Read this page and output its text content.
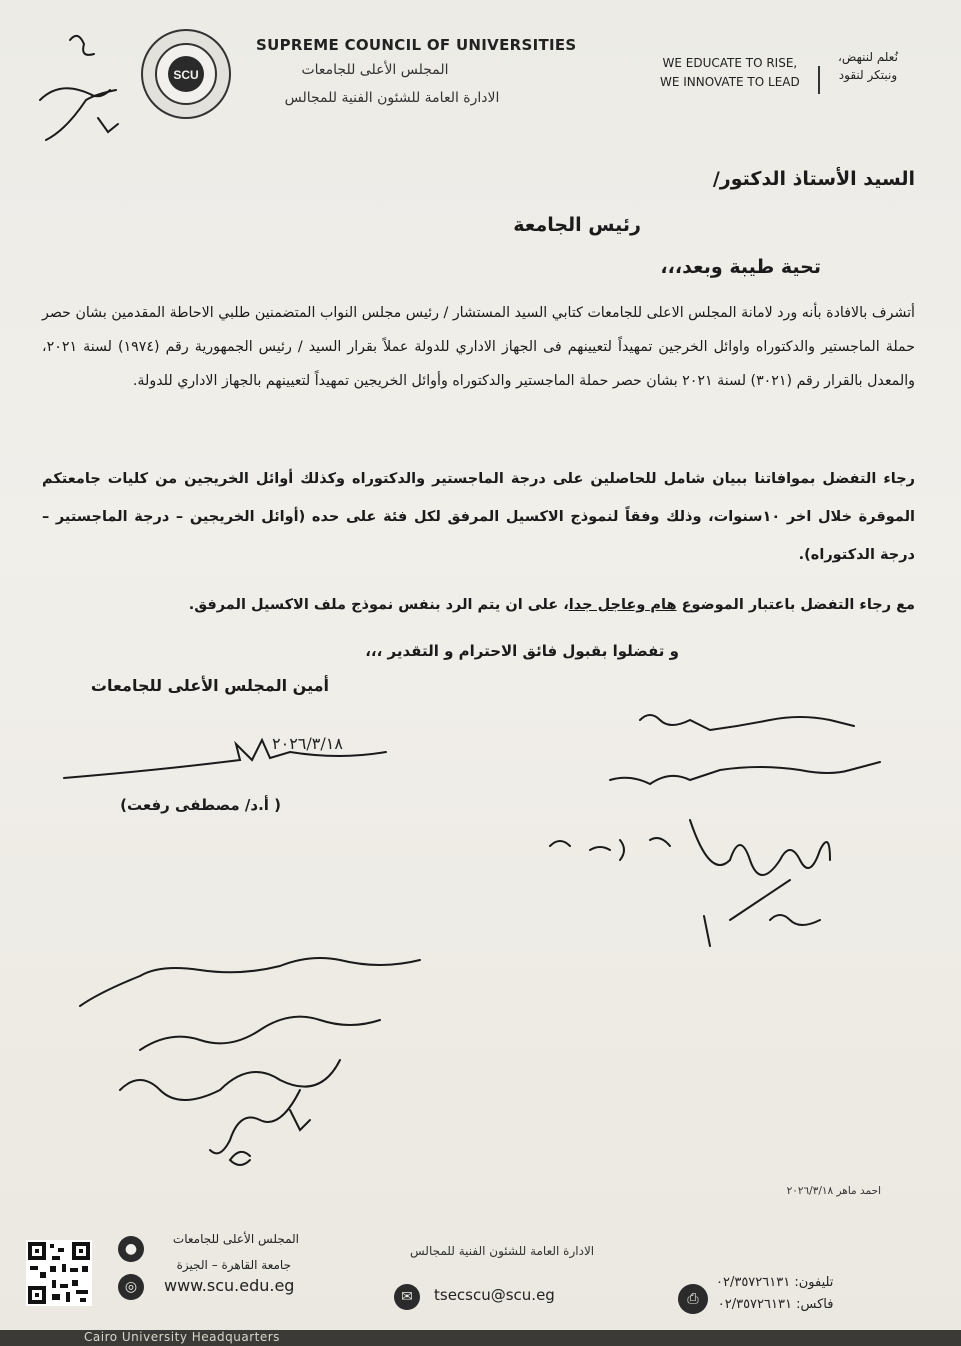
SCU
SUPREME COUNCIL OF UNIVERSITIES
المجلس الأعلى للجامعات
الادارة العامة للشئون الفنية للمجالس
WE EDUCATE TO RISE,
WE INNOVATE TO LEAD
نُعلم لننهض،
ونبتكر لنقود
السيد الأستاذ الدكتور/
رئيس الجامعة
تحية طيبة وبعد،،،
أتشرف بالافادة بأنه ورد لامانة المجلس الاعلى للجامعات كتابي السيد المستشار / رئيس مجلس النواب المتضمنين طلبي الاحاطة المقدمين بشان حصر حملة الماجستير والدكتوراه واوائل الخرجين تمهيداً لتعيينهم فى الجهاز الاداري للدولة عملاً بقرار السيد / رئيس الجمهورية رقم (١٩٧٤) لسنة ٢٠٢١، والمعدل بالقرار رقم (٣٠٢١) لسنة ٢٠٢١ بشان حصر حملة الماجستير والدكتوراه وأوائل الخريجين تمهيداً لتعيينهم بالجهاز الاداري للدولة.
رجاء التفضل بموافاتنا ببيان شامل للحاصلين على درجة الماجستير والدكتوراه وكذلك أوائل الخريجين من كليات جامعتكم الموقرة خلال اخر ١٠سنوات، وذلك وفقاً لنموذج الاكسيل المرفق لكل فئة على حده (أوائل الخريجين – درجة الماجستير – درجة الدكتوراه).
مع رجاء التفضل باعتبار الموضوع هام وعاجل جدا، على ان يتم الرد بنفس نموذج ملف الاكسيل المرفق.
و تفضلوا بقبول فائق الاحترام و التقدير ،،،
أمين المجلس الأعلى للجامعات
٢٠٢٦/٣/١٨
( أ.د/ مصطفى رفعت)
احمد ماهر ٢٠٢٦/٣/١٨
الادارة العامة للشئون الفنية للمجالس
●
المجلس الأعلى للجامعات
جامعة القاهرة – الجيزة
◎	www.scu.edu.eg
✉	tsecscu@scu.eg	⎙
تليفون: ٠٢/٣٥٧٢٦١٣١
فاكس: ٠٢/٣٥٧٢٦١٣١
Cairo University Headquarters
